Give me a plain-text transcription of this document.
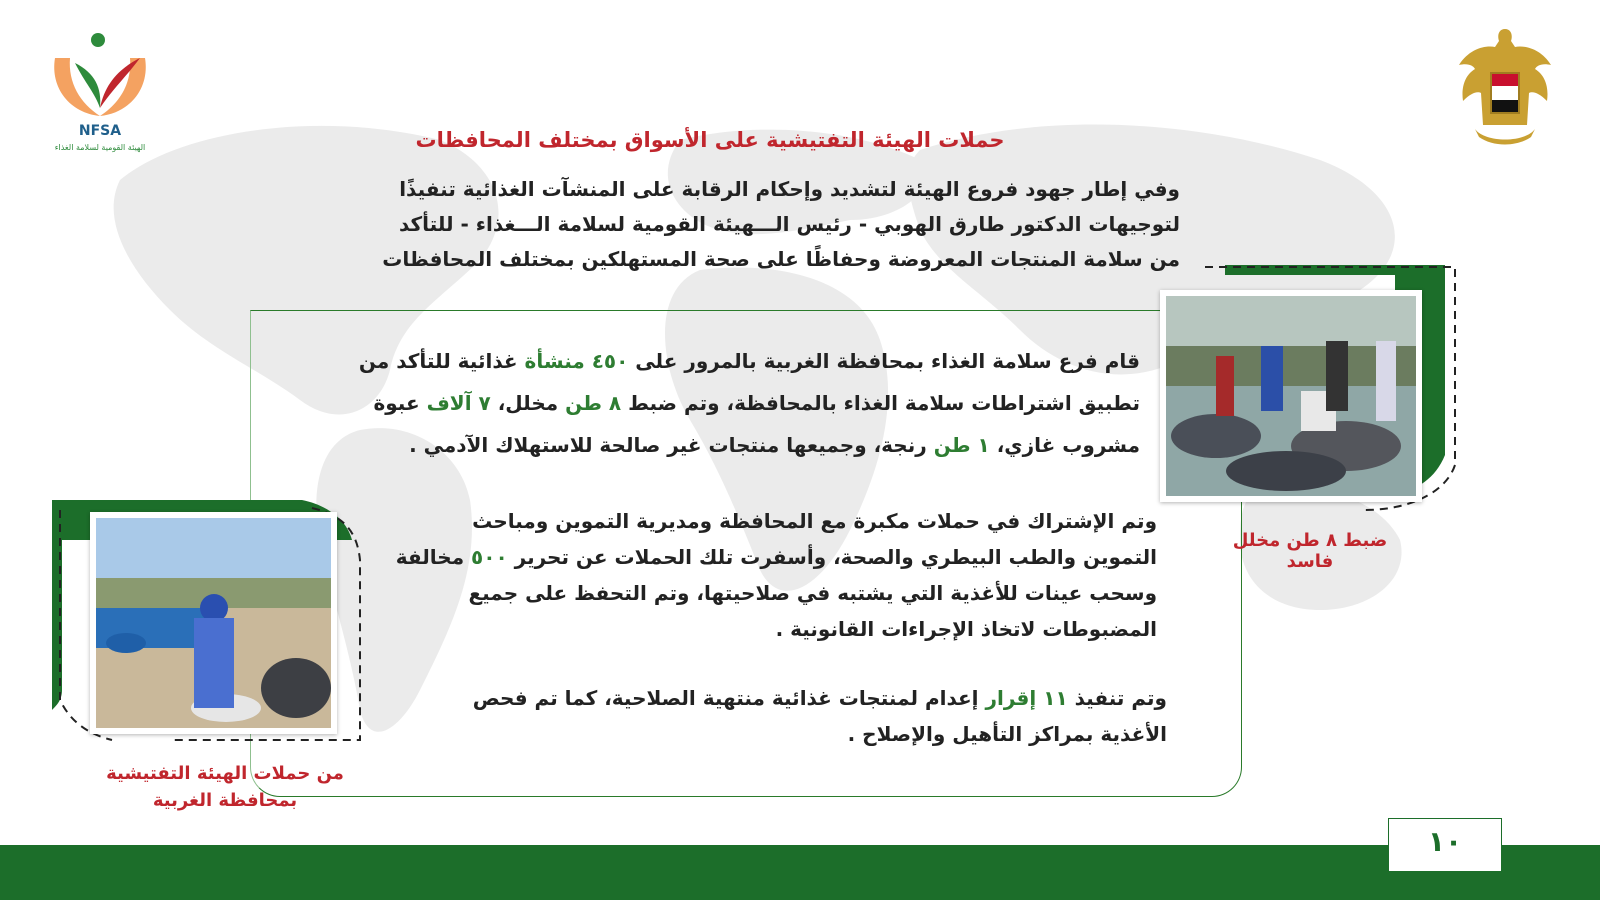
NFSA
الهيئة القومية لسلامة الغذاء	حملات الهيئة التفتيشية على الأسواق بمختلف المحافظات
وفي إطار جهود فروع الهيئة لتشديد وإحكام الرقابة على المنشآت الغذائية تنفيذًا
لتوجيهات الدكتور طارق الهوبي - رئيس الـــهيئة القومية لسلامة الـــغذاء - للتأكد
من سلامة المنتجات المعروضة وحفاظًا على صحة المستهلكين بمختلف المحافظات
قام فرع سلامة الغذاء بمحافظة الغربية بالمرور على ٤٥٠ منشأة غذائية للتأكد من
تطبيق اشتراطات سلامة الغذاء بالمحافظة، وتم ضبط ٨ طن مخلل، ٧ آلاف عبوة
مشروب غازي، ١ طن رنجة، وجميعها منتجات غير صالحة للاستهلاك الآدمي .
وتم الإشتراك في حملات مكبرة مع المحافظة ومديرية التموين ومباحث
التموين والطب البيطري والصحة، وأسفرت تلك الحملات عن تحرير ٥٠٠ مخالفة
وسحب عينات للأغذية التي يشتبه في صلاحيتها، وتم التحفظ على جميع
المضبوطات لاتخاذ الإجراءات القانونية .
وتم تنفيذ ١١ إقرار إعدام لمنتجات غذائية منتهية الصلاحية، كما تم فحص
الأغذية بمراكز التأهيل والإصلاح .
ضبط ٨ طن مخلل فاسد
من حملات الهيئة التفتيشية
بمحافظة الغربية
١٠
